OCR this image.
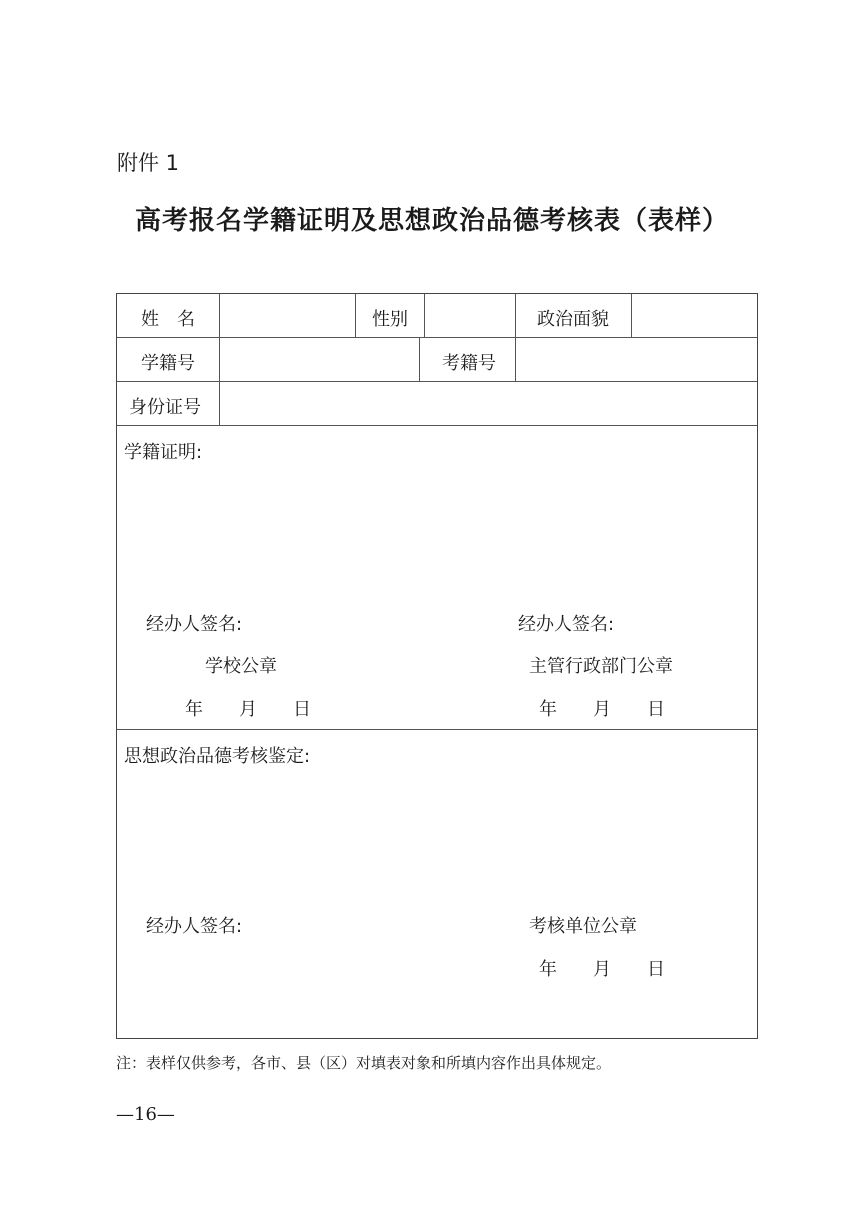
附件 1
高考报名学籍证明及思想政治品德考核表（表样）
姓　名	性别	政治面貌
学籍号	考籍号
身份证号
学籍证明:
经办人签名:
学校公章
年　　月　　日
经办人签名:
主管行政部门公章
年　　月　　日
思想政治品德考核鉴定:
经办人签名:	考核单位公章
年　　月　　日
注：表样仅供参考，各市、县（区）对填表对象和所填内容作出具体规定。
—16—
